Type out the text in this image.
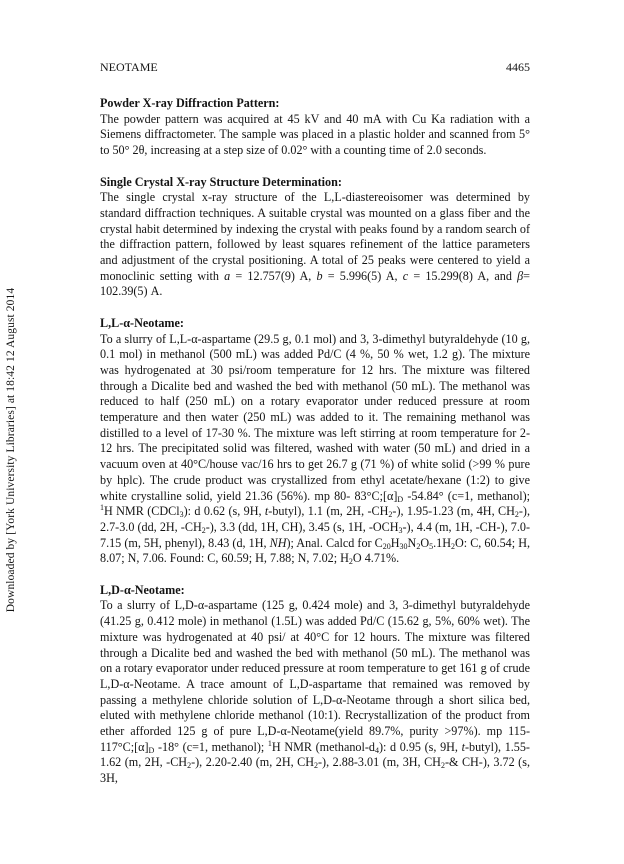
Downloaded by [York University Libraries] at 18:42 12 August 2014
NEOTAME	4465
Powder X-ray Diffraction Pattern:

The powder pattern was acquired at 45 kV and 40 mA with Cu Ka radiation with a Siemens diffractometer. The sample was placed in a plastic holder and scanned from 5° to 50° 2θ, increasing at a step size of 0.02° with a counting time of 2.0 seconds.

Single Crystal X-ray Structure Determination:

The single crystal x-ray structure of the L,L-diastereoisomer was determined by standard diffraction techniques. A suitable crystal was mounted on a glass fiber and the crystal habit determined by indexing the crystal with peaks found by a random search of the diffraction pattern, followed by least squares refinement of the lattice parameters and adjustment of the crystal positioning. A total of 25 peaks were centered to yield a monoclinic setting with a = 12.757(9) A, b = 5.996(5) A, c = 15.299(8) A, and β= 102.39(5) A.

L,L-α-Neotame:

To a slurry of L,L-α-aspartame (29.5 g, 0.1 mol) and 3, 3-dimethyl butyraldehyde (10 g, 0.1 mol) in methanol (500 mL) was added Pd/C (4 %, 50 % wet, 1.2 g). The mixture was hydrogenated at 30 psi/room temperature for 12 hrs. The mixture was filtered through a Dicalite bed and washed the bed with methanol (50 mL). The methanol was reduced to half (250 mL) on a rotary evaporator under reduced pressure at room temperature and then water (250 mL) was added to it. The remaining methanol was distilled to a level of 17-30 %. The mixture was left stirring at room temperature for 2-12 hrs. The precipitated solid was filtered, washed with water (50 mL) and dried in a vacuum oven at 40°C/house vac/16 hrs to get 26.7 g (71 %) of white solid (>99 % pure by hplc). The crude product was crystallized from ethyl acetate/hexane (1:2) to give white crystalline solid, yield 21.36 (56%). mp 80- $83^\circ C;[\alpha]_D$ -54.84° (c=1, methanol); $^1$H NMR (CDCl$_3$): d 0.62 (s, 9H, t-butyl), 1.1 (m, 2H, $-CH_2-$), 1.95-1.23 (m, 4H, $CH_2-$), 2.7-3.0 (dd, 2H, $-CH_2-$), 3.3 (dd, 1H, CH), 3.45 (s, 1H, $-OCH_3-$), 4.4 (m, 1H, -CH-), 7.0-7.15 (m, 5H, phenyl), 8.43 (d, 1H, NH); Anal. Calcd for $C_{20}H_{30}N_2O_5.1H_2O$: C, 60.54; H, 8.07; N, 7.06. Found: C, 60.59; H, 7.88; N, 7.02; $H_2O$ 4.71%.

L,D-α-Neotame:

To a slurry of L,D-α-aspartame (125 g, 0.424 mole) and 3, 3-dimethyl butyraldehyde (41.25 g, 0.412 mole) in methanol (1.5L) was added Pd/C (15.62 g, 5%, 60% wet). The mixture was hydrogenated at 40 psi/ at 40°C for 12 hours. The mixture was filtered through a Dicalite bed and washed the bed with methanol (50 mL). The methanol was on a rotary evaporator under reduced pressure at room temperature to get 161 g of crude L,D-α-Neotame. A trace amount of L,D-aspartame that remained was removed by passing a methylene chloride solution of L,D-α-Neotame through a short silica bed, eluted with methylene chloride methanol (10:1). Recrystallization of the product from ether afforded 125 g of pure L,D-α-Neotame(yield 89.7%, purity >97%). mp 115- $117^\circ C;[\alpha]_D$ -18° (c=1, methanol); $^1$H NMR $(methanol-d_4)$: d 0.95 (s, 9H, t-butyl), 1.55-1.62 (m, 2H, $-CH_2-$), 2.20-2.40 (m, 2H, $CH_2-$), 2.88-3.01 (m, 3H, $CH_2-\&$ CH-), 3.72 (s, 3H,
